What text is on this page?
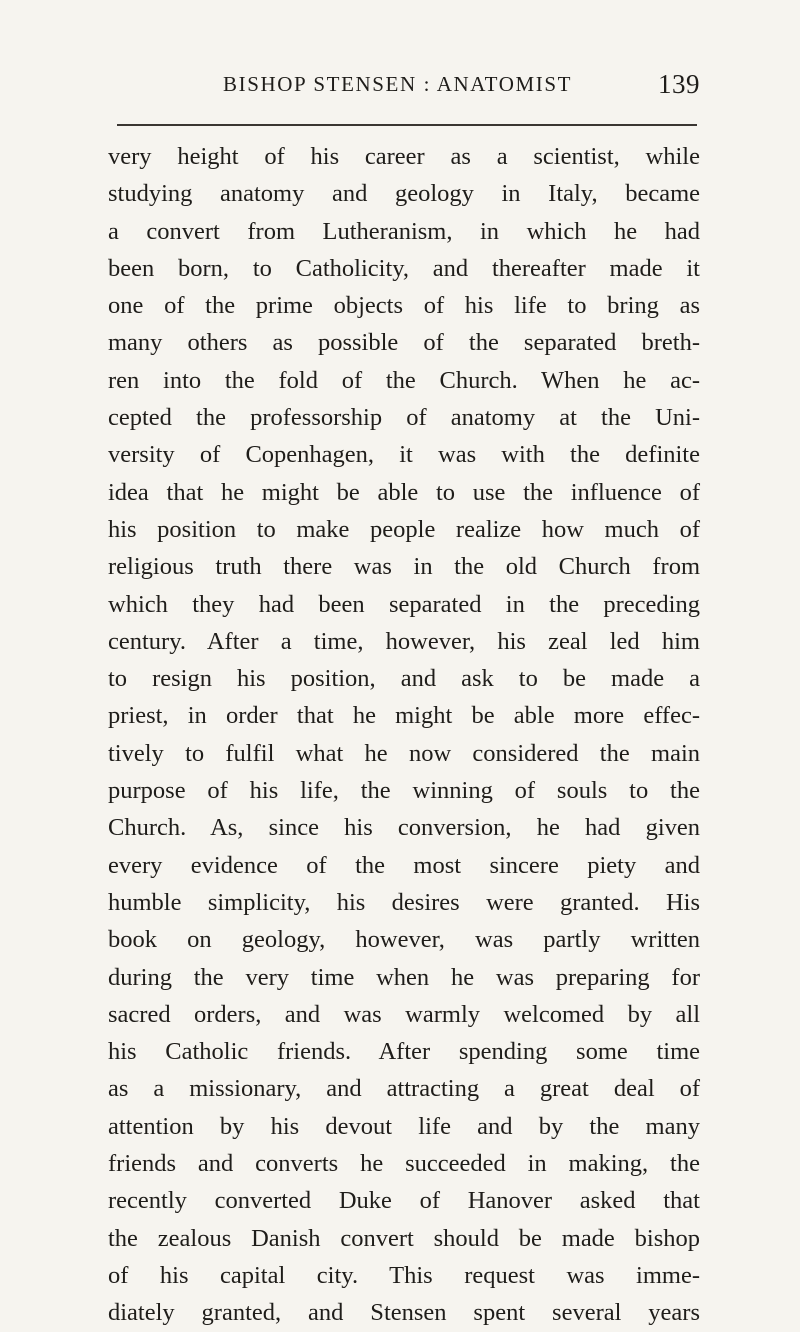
BISHOP STENSEN : ANATOMIST	139

very height of his career as a scientist, while
studying anatomy and geology in Italy, became
a convert from Lutheranism, in which he had
been born, to Catholicity, and thereafter made it
one of the prime objects of his life to bring as
many others as possible of the separated breth-
ren into the fold of the Church. When he ac-
cepted the professorship of anatomy at the Uni-
versity of Copenhagen, it was with the definite
idea that he might be able to use the influence of
his position to make people realize how much of
religious truth there was in the old Church from
which they had been separated in the preceding
century. After a time, however, his zeal led him
to resign his position, and ask to be made a
priest, in order that he might be able more effec-
tively to fulfil what he now considered the main
purpose of his life, the winning of souls to the
Church. As, since his conversion, he had given
every evidence of the most sincere piety and
humble simplicity, his desires were granted. His
book on geology, however, was partly written
during the very time when he was preparing for
sacred orders, and was warmly welcomed by all
his Catholic friends. After spending some time
as a missionary, and attracting a great deal of
attention by his devout life and by the many
friends and converts he succeeded in making, the
recently converted Duke of Hanover asked that
the zealous Danish convert should be made bishop
of his capital city. This request was imme-
diately granted, and Stensen spent several years
